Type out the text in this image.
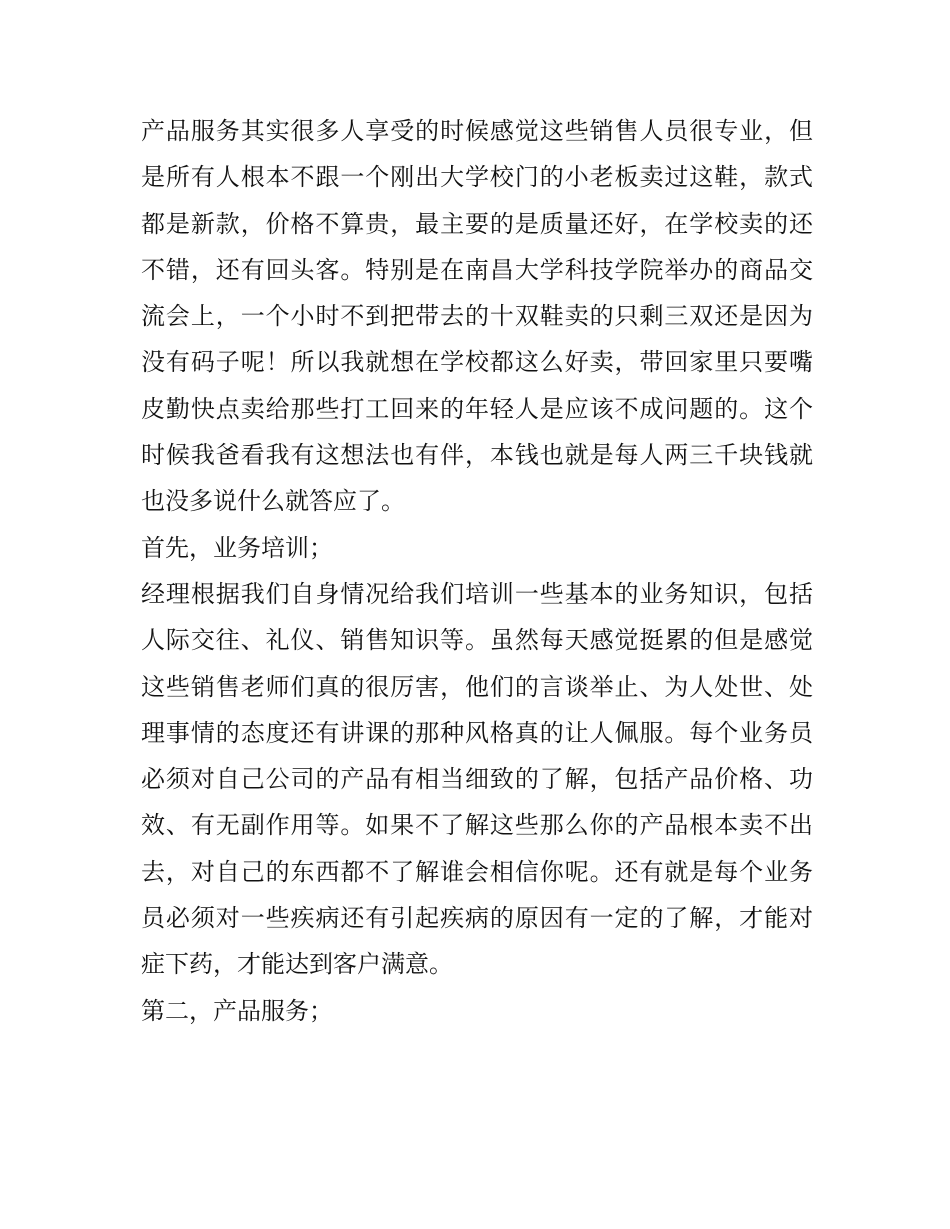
产品服务其实很多人享受的时候感觉这些销售人员很专业，但
是所有人根本不跟一个刚出大学校门的小老板卖过这鞋，款式
都是新款，价格不算贵，最主要的是质量还好，在学校卖的还
不错，还有回头客。特别是在南昌大学科技学院举办的商品交
流会上，一个小时不到把带去的十双鞋卖的只剩三双还是因为
没有码子呢！所以我就想在学校都这么好卖，带回家里只要嘴
皮勤快点卖给那些打工回来的年轻人是应该不成问题的。这个
时候我爸看我有这想法也有伴，本钱也就是每人两三千块钱就
也没多说什么就答应了。
首先，业务培训；
经理根据我们自身情况给我们培训一些基本的业务知识，包括
人际交往、礼仪、销售知识等。虽然每天感觉挺累的但是感觉
这些销售老师们真的很厉害，他们的言谈举止、为人处世、处
理事情的态度还有讲课的那种风格真的让人佩服。每个业务员
必须对自己公司的产品有相当细致的了解，包括产品价格、功
效、有无副作用等。如果不了解这些那么你的产品根本卖不出
去，对自己的东西都不了解谁会相信你呢。还有就是每个业务
员必须对一些疾病还有引起疾病的原因有一定的了解，才能对
症下药，才能达到客户满意。
第二，产品服务；
